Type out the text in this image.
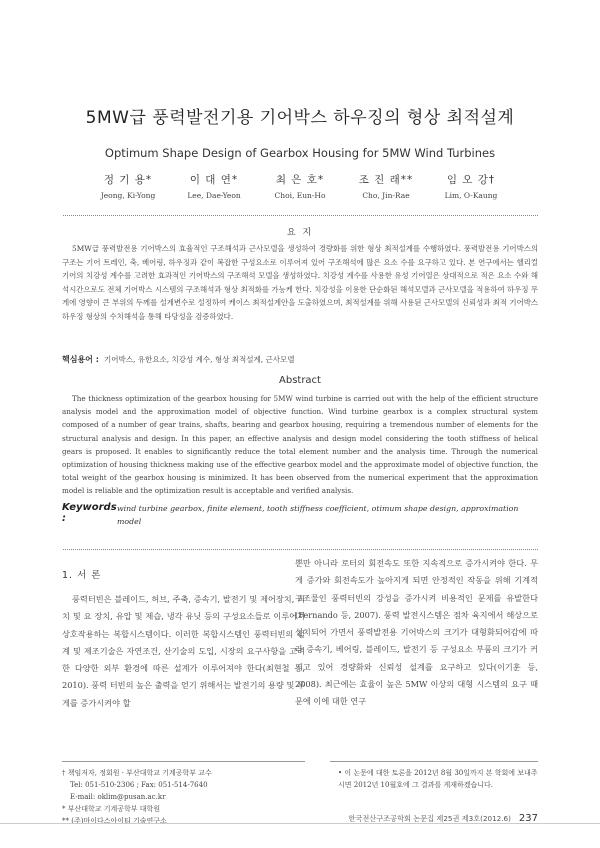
5MW급 풍력발전기용 기어박스 하우징의 형상 최적설계
Optimum Shape Design of Gearbox Housing for 5MW Wind Turbines
정 기 용*
Jeong, Ki-Yong
이 대 연*
Lee, Dae-Yeon
최 은 호*
Choi, Eun-Ho
조 진 래**
Cho, Jin-Rae
임 오 강†
Lim, O-Kaung
요 지
5MW급 풍력발전용 기어박스의 효율적인 구조해석과 근사모델을 생성하여 경량화를 위한 형상 최적설계를 수행하였다. 풍력발전용 기어박스의 구조는 기어 트레인, 축, 베어링, 하우징과 같이 복잡한 구성요소로 이루어져 있어 구조해석에 많은 요소 수를 요구하고 있다. 본 연구에서는 헬리컬 기어의 치강성 계수를 고려한 효과적인 기어박스의 구조해석 모델을 생성하였다. 치강성 계수를 사용한 유성 기어열은 상대적으로 적은 요소 수와 해석시간으로도 전체 기어박스 시스템의 구조해석과 형상 최적화를 가능케 한다. 치강성을 이용한 단순화된 해석모델과 근사모델을 적용하여 하우징 무게에 영향이 큰 부위의 두께를 설계변수로 설정하여 케이스 최적설계안을 도출하였으며, 최적설계를 위해 사용된 근사모델의 신뢰성과 최적 기어박스 하우징 형상의 수치해석을 통해 타당성을 검증하였다.
핵심용어 : 기어박스, 유한요소, 치강성 계수, 형상 최적설계, 근사모델
Abstract
The thickness optimization of the gearbox housing for 5MW wind turbine is carried out with the help of the efficient structure analysis model and the approximation model of objective function. Wind turbine gearbox is a complex structural system composed of a number of gear trains, shafts, bearing and gearbox housing, requiring a tremendous number of elements for the structural analysis and design. In this paper, an effective analysis and design model considering the tooth stiffness of helical gears is proposed. It enables to significantly reduce the total element number and the analysis time. Through the numerical optimization of housing thickness making use of the effective gearbox model and the approximate model of objective function, the total weight of the gearbox housing is minimized. It has been observed from the numerical experiment that the approximation model is reliable and the optimization result is acceptable and verified analysis.
Keywords :
wind turbine gearbox, finite element, tooth stiffness coefficient, otimum shape design, approximation model
1. 서 론
풍력터빈은 블레이드, 허브, 주축, 증속기, 발전기 및 제어장치, 피치 및 요 장치, 유압 및 제습, 냉각 유닛 등의 구성요소들로 이루어져 상호작용하는 복합시스템이다. 이러한 복합시스템인 풍력터빈의 설계 및 제조기술은 자연조건, 산기술의 도입, 시장의 요구사항을 고려한 다양한 외부 환경에 따른 설계가 이루어져야 한다(최현철 등, 2010). 풍력 터빈의 높은 출력을 얻기 위해서는 발전기의 용량 및 무게를 증가시켜야 할
뿐만 아니라 로터의 회전속도 또한 지속적으로 증가시켜야 한다. 무게 증가와 회전속도가 높아지게 되면 안정적인 작동을 위해 기계적 구조물인 풍력터빈의 강성을 증가시켜 비용적인 문제를 유발한다(Fernando 등, 2007). 풍력 발전시스템은 점차 육지에서 해상으로 설치되어 가면서 풍력발전용 기어박스의 크기가 대형화되어감에 따라 증속기, 베어링, 블레이드, 발전기 등 구성요소 부품의 크기가 커지고 있어 경량화와 신뢰성 설계를 요구하고 있다(이기훈 등, 2008). 최근에는 효율이 높은 5MW 이상의 대형 시스템의 요구 때문에 이에 대한 연구
† 책임저자, 정회원 · 부산대학교 기계공학부 교수
Tel: 051-510-2306 ; Fax: 051-514-7640
E-mail: oklim@pusan.ac.kr
* 부산대학교 기계공학부 대학원
** (주)마이다스아이티 기술연구소
• 이 논문에 대한 토론을 2012년 8월 30일까지 본 학회에 보내주시면 2012년 10월호에 그 결과를 게재하겠습니다.
한국전산구조공학회 논문집 제25권 제3호(2012.6) 237
